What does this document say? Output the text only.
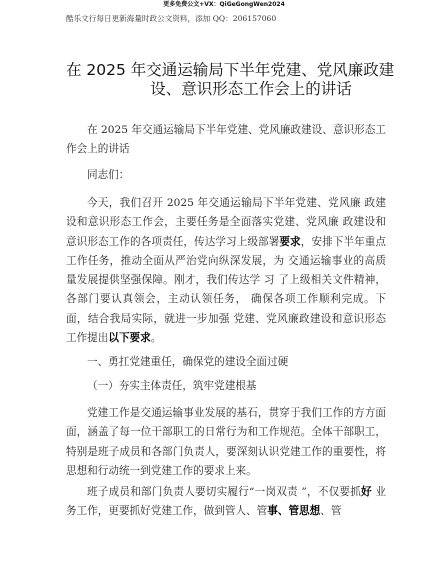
更多免费公文+VX：QiGeGongWen2024
酷乐文行每日更新海量时政公文资料，添加 QQ：206157060
在 2025 年交通运输局下半年党建、党风廉政建
设、意识形态工作会上的讲话
在 2025 年交通运输局下半年党建、党风廉政建设、意识形态工作会上的讲话
同志们：
今天，我们召开 2025 年交通运输局下半年党建、党风廉 政建设和意识形态工作会，主要任务是全面落实党建、党风廉 政建设和意识形态工作的各项责任，传达学习上级部署要求，安排下半年重点工作任务，推动全面从严治党向纵深发展，为 交通运输事业的高质量发展提供坚强保障。刚才，我们传达学 习 了上级相关文件精神，各部门要认真领会，主动认领任务， 确保各项工作顺利完成。下面，结合我局实际，就进一步加强 党建、党风廉政建设和意识形态工作提出以下要求。
一、勇扛党建重任，确保党的建设全面过硬
（一）夯实主体责任，筑牢党建根基
党建工作是交通运输事业发展的基石，贯穿于我们工作的方方面面，涵盖了每一位干部职工的日常行为和工作规范。全体干部职工，特别是班子成员和各部门负责人，要深刻认识党建工作的重要性，将思想和行动统一到党建工作的要求上来。
班子成员和部门负责人要切实履行“一岗双责 ”，不仅要抓好 业务工作，更要抓好党建工作，做到管人、管事、管思想、管
